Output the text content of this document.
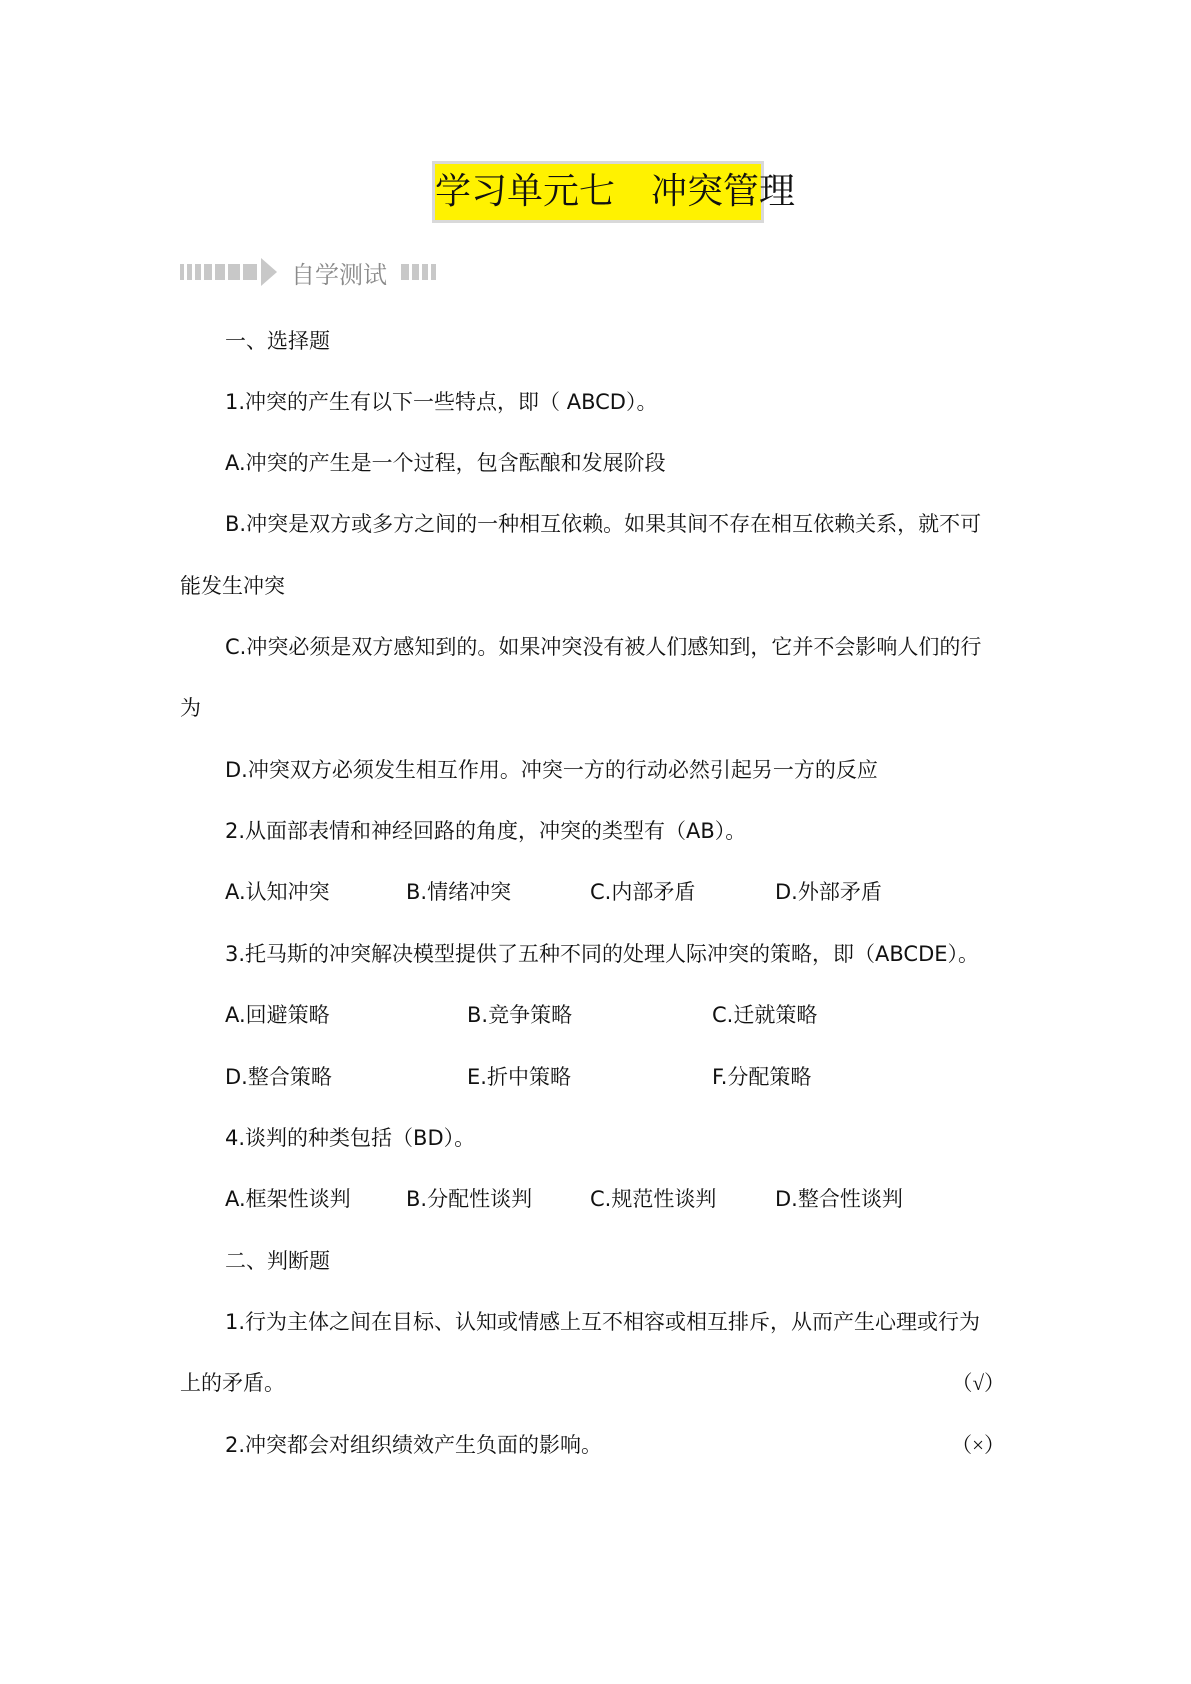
学习单元七　冲突管理
自学测试
一、选择题
1.冲突的产生有以下一些特点，即（ ABCD）。
A.冲突的产生是一个过程，包含酝酿和发展阶段
B.冲突是双方或多方之间的一种相互依赖。如果其间不存在相互依赖关系，就不可
能发生冲突
C.冲突必须是双方感知到的。如果冲突没有被人们感知到，它并不会影响人们的行
为
D.冲突双方必须发生相互作用。冲突一方的行动必然引起另一方的反应
2.从面部表情和神经回路的角度，冲突的类型有（AB）。
A.认知冲突	B.情绪冲突	C.内部矛盾	D.外部矛盾
3.托马斯的冲突解决模型提供了五种不同的处理人际冲突的策略，即（ABCDE）。
A.回避策略	B.竞争策略	C.迁就策略
D.整合策略	E.折中策略	F.分配策略
4.谈判的种类包括（BD）。
A.框架性谈判	B.分配性谈判	C.规范性谈判	D.整合性谈判
二、判断题
1.行为主体之间在目标、认知或情感上互不相容或相互排斥，从而产生心理或行为
上的矛盾。	（√）
2.冲突都会对组织绩效产生负面的影响。	（×）
